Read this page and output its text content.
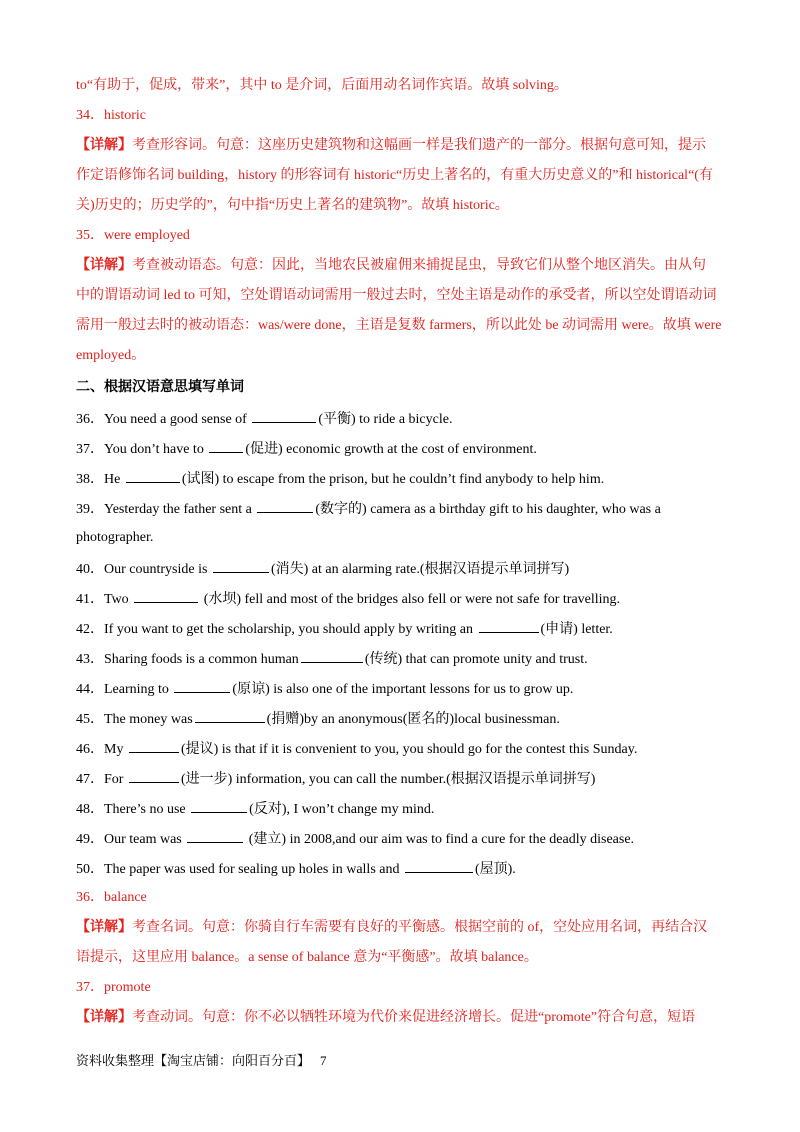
to“有助于，促成，带来”，其中 to 是介词，后面用动名词作宾语。故填 solving。
34．historic
【详解】考查形容词。句意：这座历史建筑物和这幅画一样是我们遗产的一部分。根据句意可知，提示
作定语修饰名词 building，history 的形容词有 historic“历史上著名的，有重大历史意义的”和 historical“(有
关)历史的；历史学的”，句中指“历史上著名的建筑物”。故填 historic。
35．were employed
【详解】考查被动语态。句意：因此，当地农民被雇佣来捕捉昆虫，导致它们从整个地区消失。由从句
中的谓语动词 led to 可知，空处谓语动词需用一般过去时，空处主语是动作的承受者，所以空处谓语动词
需用一般过去时的被动语态：was/were done，主语是复数 farmers，所以此处 be 动词需用 were。故填 were
employed。
二、根据汉语意思填写单词
36．You need a good sense of	(平衡) to ride a bicycle.
37．You don’t have to	(促进) economic growth at the cost of environment.
38．He	(试图) to escape from the prison, but he couldn’t find anybody to help him.
39．Yesterday the father sent a	(数字的) camera as a birthday gift to his daughter, who was a
photographer.
40．Our countryside is	(消失) at an alarming rate.(根据汉语提示单词拼写)
41．Two	(水坝) fell and most of the bridges also fell or were not safe for travelling.
42．If you want to get the scholarship, you should apply by writing an	(申请) letter.
43．Sharing foods is a common human	(传统) that can promote unity and trust.
44．Learning to	(原谅) is also one of the important lessons for us to grow up.
45．The money was	(捐赠)by an anonymous(匿名的)local businessman.
46．My	(提议) is that if it is convenient to you, you should go for the contest this Sunday.
47．For	(进一步) information, you can call the number.(根据汉语提示单词拼写)
48．There’s no use	(反对), I won’t change my mind.
49．Our team was	(建立) in 2008,and our aim was to find a cure for the deadly disease.
50．The paper was used for sealing up holes in walls and	(屋顶).
36．balance
【详解】考查名词。句意：你骑自行车需要有良好的平衡感。根据空前的 of，空处应用名词，再结合汉
语提示，这里应用 balance。a sense of balance 意为“平衡感”。故填 balance。
37．promote
【详解】考查动词。句意：你不必以牺牲环境为代价来促进经济增长。促进“promote”符合句意，短语
资料收集整理【淘宝店铺：向阳百分百】 7
